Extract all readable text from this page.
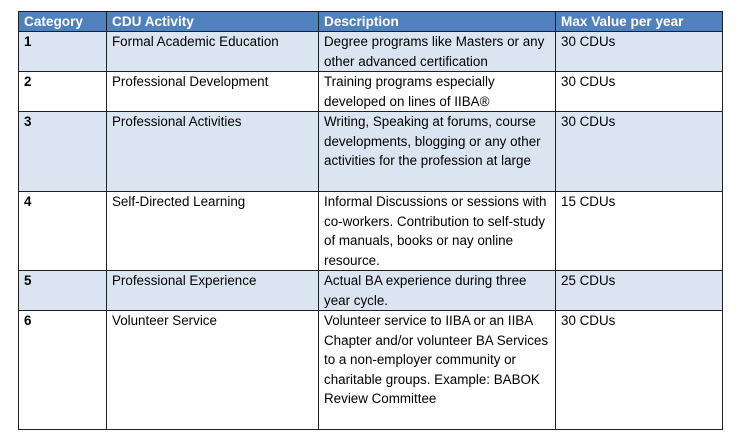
Category	CDU Activity	Description	Max Value per year
1	Formal Academic Education	Degree programs like Masters or any other advanced certification	30 CDUs
2	Professional Development	Training programs especially developed on lines of IIBA®	30 CDUs
3	Professional Activities	Writing, Speaking at forums, course developments, blogging or any other activities for the profession at large	30 CDUs
4	Self-Directed Learning	Informal Discussions or sessions with co-workers. Contribution to self-study of manuals, books or nay online resource.	15 CDUs
5	Professional Experience	Actual BA experience during three year cycle.	25 CDUs
6	Volunteer Service	Volunteer service to IIBA or an IIBA Chapter and/or volunteer BA Services to a non-employer community or charitable groups. Example: BABOK Review Committee	30 CDUs
